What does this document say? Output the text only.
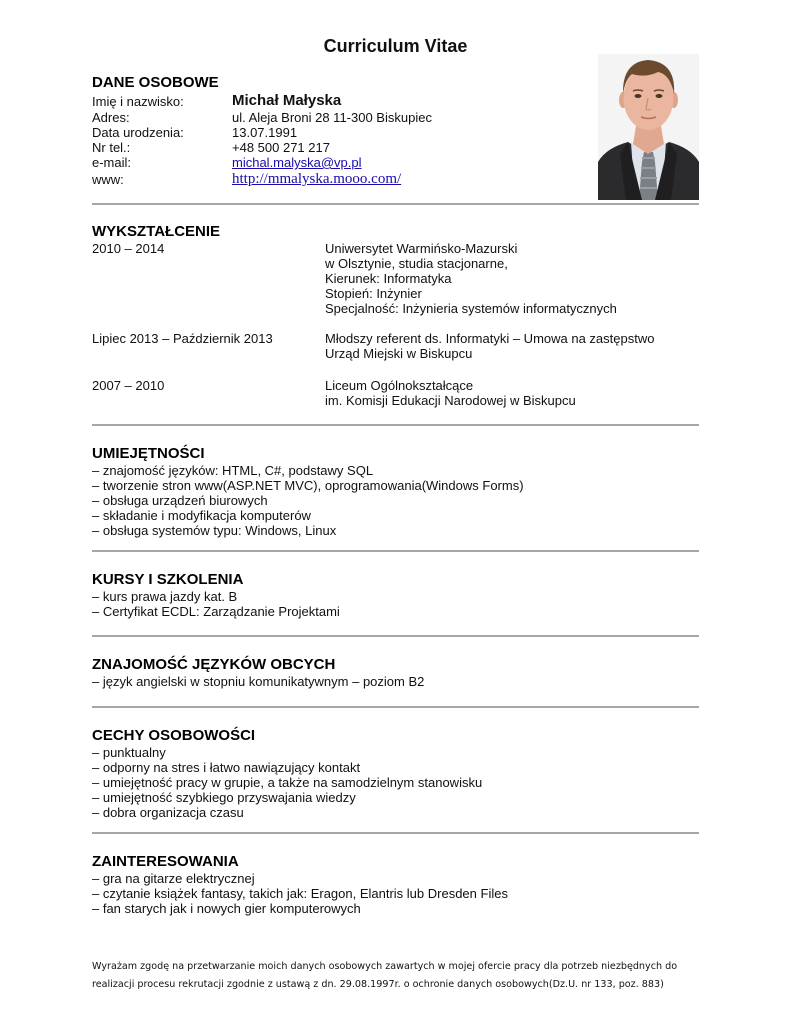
Curriculum Vitae
DANE OSOBOWE
Imię i nazwisko:	Michał Małyska
Adres:	ul. Aleja Broni 28 11-300 Biskupiec
Data urodzenia:	13.07.1991
Nr tel.:	+48 500 271 217
e-mail:	michal.malyska@vp.pl
www:	http://mmalyska.mooo.com/
WYKSZTAŁCENIE
2010 – 2014	Uniwersytet Warmińsko-Mazurski
w Olsztynie, studia stacjonarne,
Kierunek: Informatyka
Stopień: Inżynier
Specjalność: Inżynieria systemów informatycznych
Lipiec 2013 – Październik 2013	Młodszy referent ds. Informatyki – Umowa na zastępstwo
Urząd Miejski w Biskupcu
2007 – 2010	Liceum Ogólnokształcące
im. Komisji Edukacji Narodowej w Biskupcu
UMIEJĘTNOŚCI
– znajomość języków: HTML, C#, podstawy SQL
– tworzenie stron www(ASP.NET MVC), oprogramowania(Windows Forms)
– obsługa urządzeń biurowych
– składanie i modyfikacja komputerów
– obsługa systemów typu: Windows, Linux
KURSY I SZKOLENIA
– kurs prawa jazdy kat. B
– Certyfikat ECDL: Zarządzanie Projektami
ZNAJOMOŚĆ JĘZYKÓW OBCYCH
– język angielski w stopniu komunikatywnym – poziom B2
CECHY OSOBOWOŚCI
– punktualny
– odporny na stres i łatwo nawiązujący kontakt
– umiejętność pracy w grupie, a także na samodzielnym stanowisku
– umiejętność szybkiego przyswajania wiedzy
– dobra organizacja czasu
ZAINTERESOWANIA
– gra na gitarze elektrycznej
– czytanie książek fantasy, takich jak: Eragon, Elantris lub Dresden Files
– fan starych jak i nowych gier komputerowych
Wyrażam zgodę na przetwarzanie moich danych osobowych zawartych w mojej ofercie pracy dla potrzeb niezbędnych do
realizacji procesu rekrutacji zgodnie z ustawą z dn. 29.08.1997r. o ochronie danych osobowych(Dz.U. nr 133, poz. 883)
